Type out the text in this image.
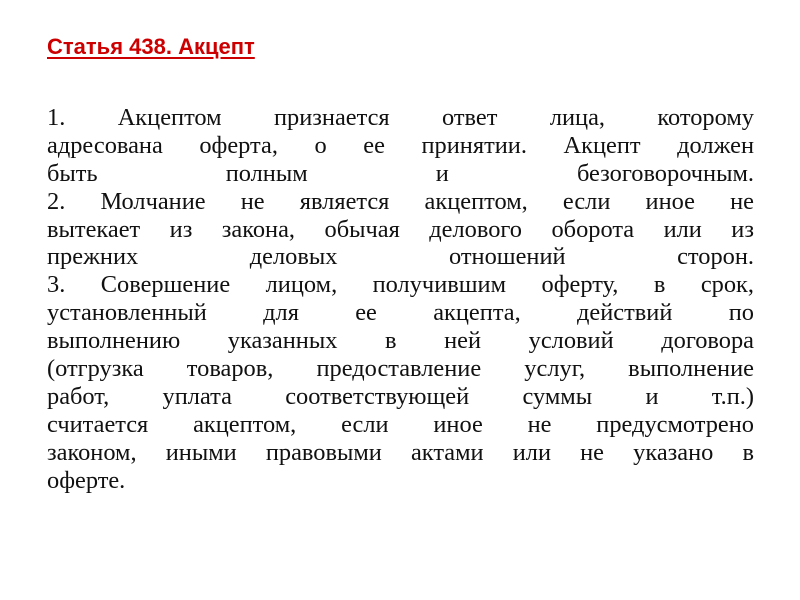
Статья 438. Акцепт
1. Акцептом признается ответ лица, которому
адресована оферта, о ее принятии. Акцепт должен
быть полным и безоговорочным.
2. Молчание не является акцептом, если иное не
вытекает из закона, обычая делового оборота или из
прежних деловых отношений сторон.
3. Совершение лицом, получившим оферту, в срок,
установленный для ее акцепта, действий по
выполнению указанных в ней условий договора
(отгрузка товаров, предоставление услуг, выполнение
работ, уплата соответствующей суммы и т.п.)
считается акцептом, если иное не предусмотрено
законом, иными правовыми актами или не указано в
оферте.
